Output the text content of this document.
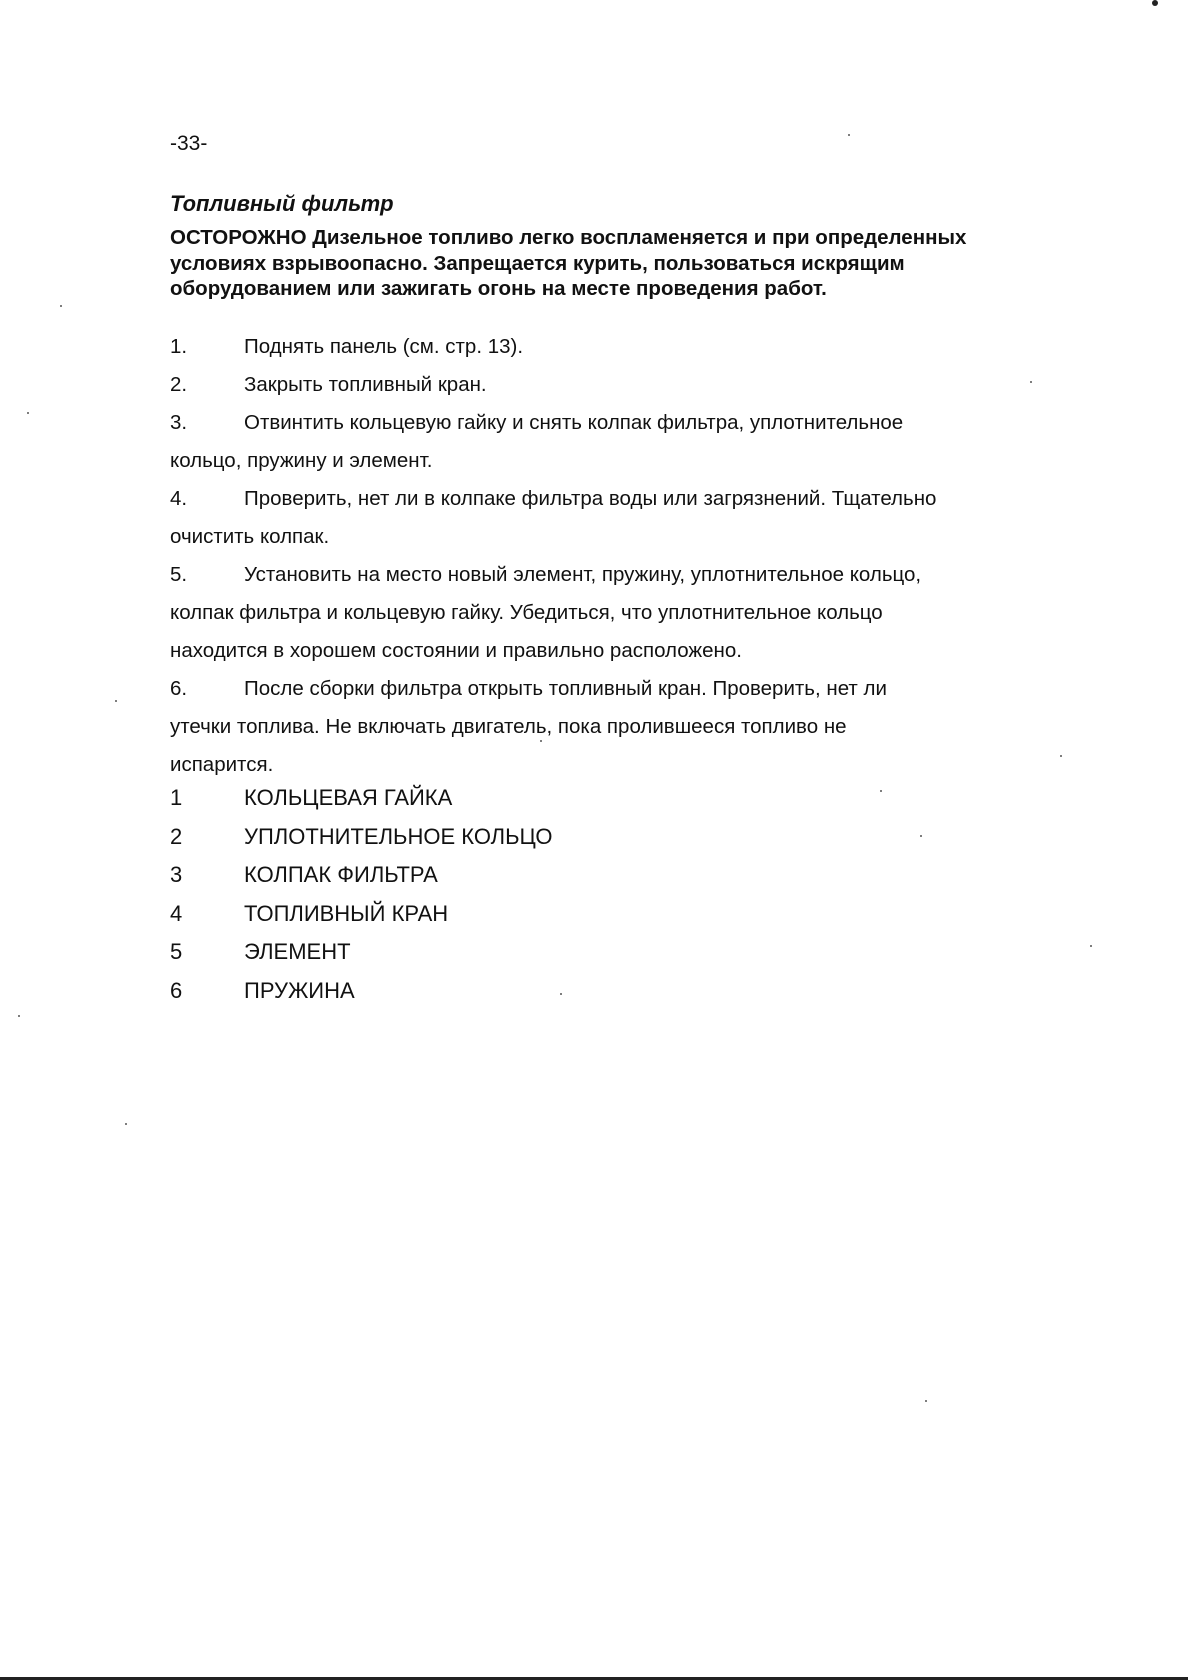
-33-

Топливный фильтр

ОСТОРОЖНО Дизельное топливо легко воспламеняется и при определенных условиях взрывоопасно. Запрещается курить, пользоваться искрящим оборудованием или зажигать огонь на месте проведения работ.

1.	Поднять панель (см. стр. 13).
2.	Закрыть топливный кран.
3.	Отвинтить кольцевую гайку и снять колпак фильтра, уплотнительное
кольцо, пружину и элемент.
4.	Проверить, нет ли в колпаке фильтра воды или загрязнений. Тщательно
очистить колпак.
5.	Установить на место новый элемент, пружину, уплотнительное кольцо,
колпак фильтра и кольцевую гайку. Убедиться, что уплотнительное кольцо
находится в хорошем состоянии и правильно расположено.
6.	После сборки фильтра открыть топливный кран. Проверить, нет ли
утечки топлива. Не включать двигатель, пока пролившееся топливо не
испарится.
1	КОЛЬЦЕВАЯ ГАЙКА
2	УПЛОТНИТЕЛЬНОЕ КОЛЬЦО
3	КОЛПАК ФИЛЬТРА
4	ТОПЛИВНЫЙ КРАН
5	ЭЛЕМЕНТ
6	ПРУЖИНА
